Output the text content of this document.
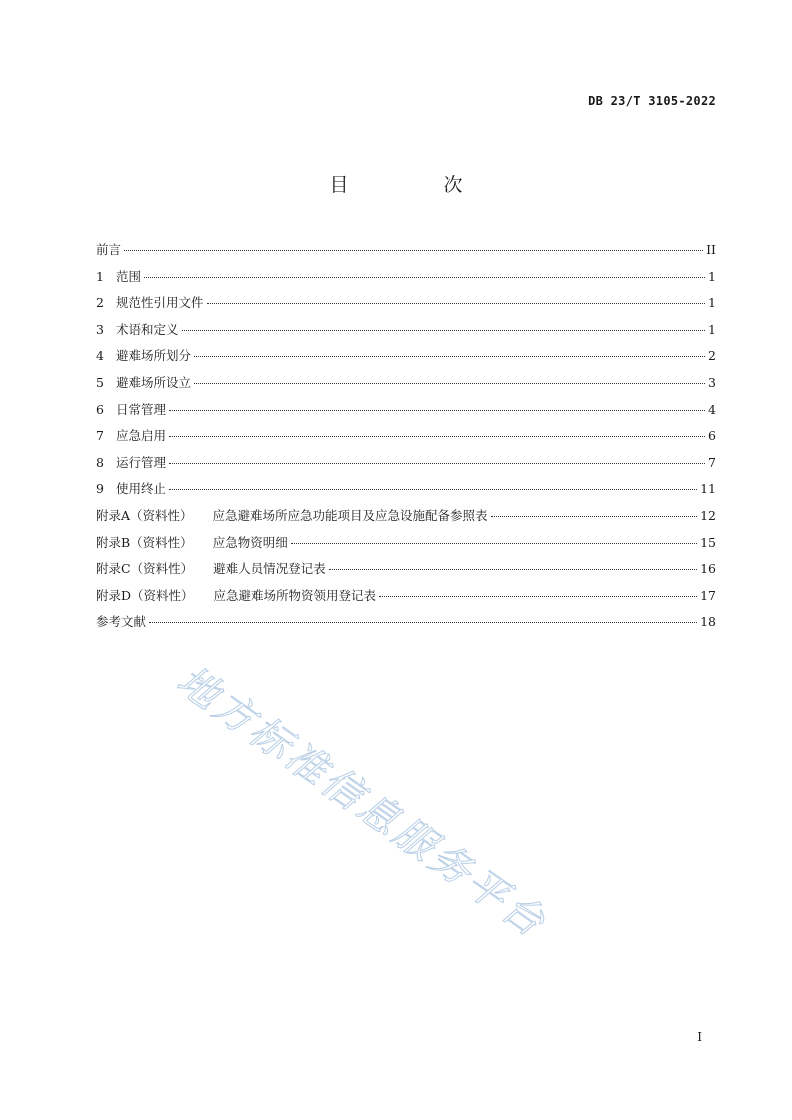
DB 23/T 3105-2022
目　次
前言	II
1 范围	1
2 规范性引用文件	1
3 术语和定义	1
4 避难场所划分	2
5 避难场所设立	3
6 日常管理	4
7 应急启用	6
8 运行管理	7
9 使用终止	11
附录A（资料性） 应急避难场所应急功能项目及应急设施配备参照表	12
附录B（资料性） 应急物资明细	15
附录C（资料性） 避难人员情况登记表	16
附录D（资料性） 应急避难场所物资领用登记表	17
参考文献	18
地方标准信息服务平台
I
